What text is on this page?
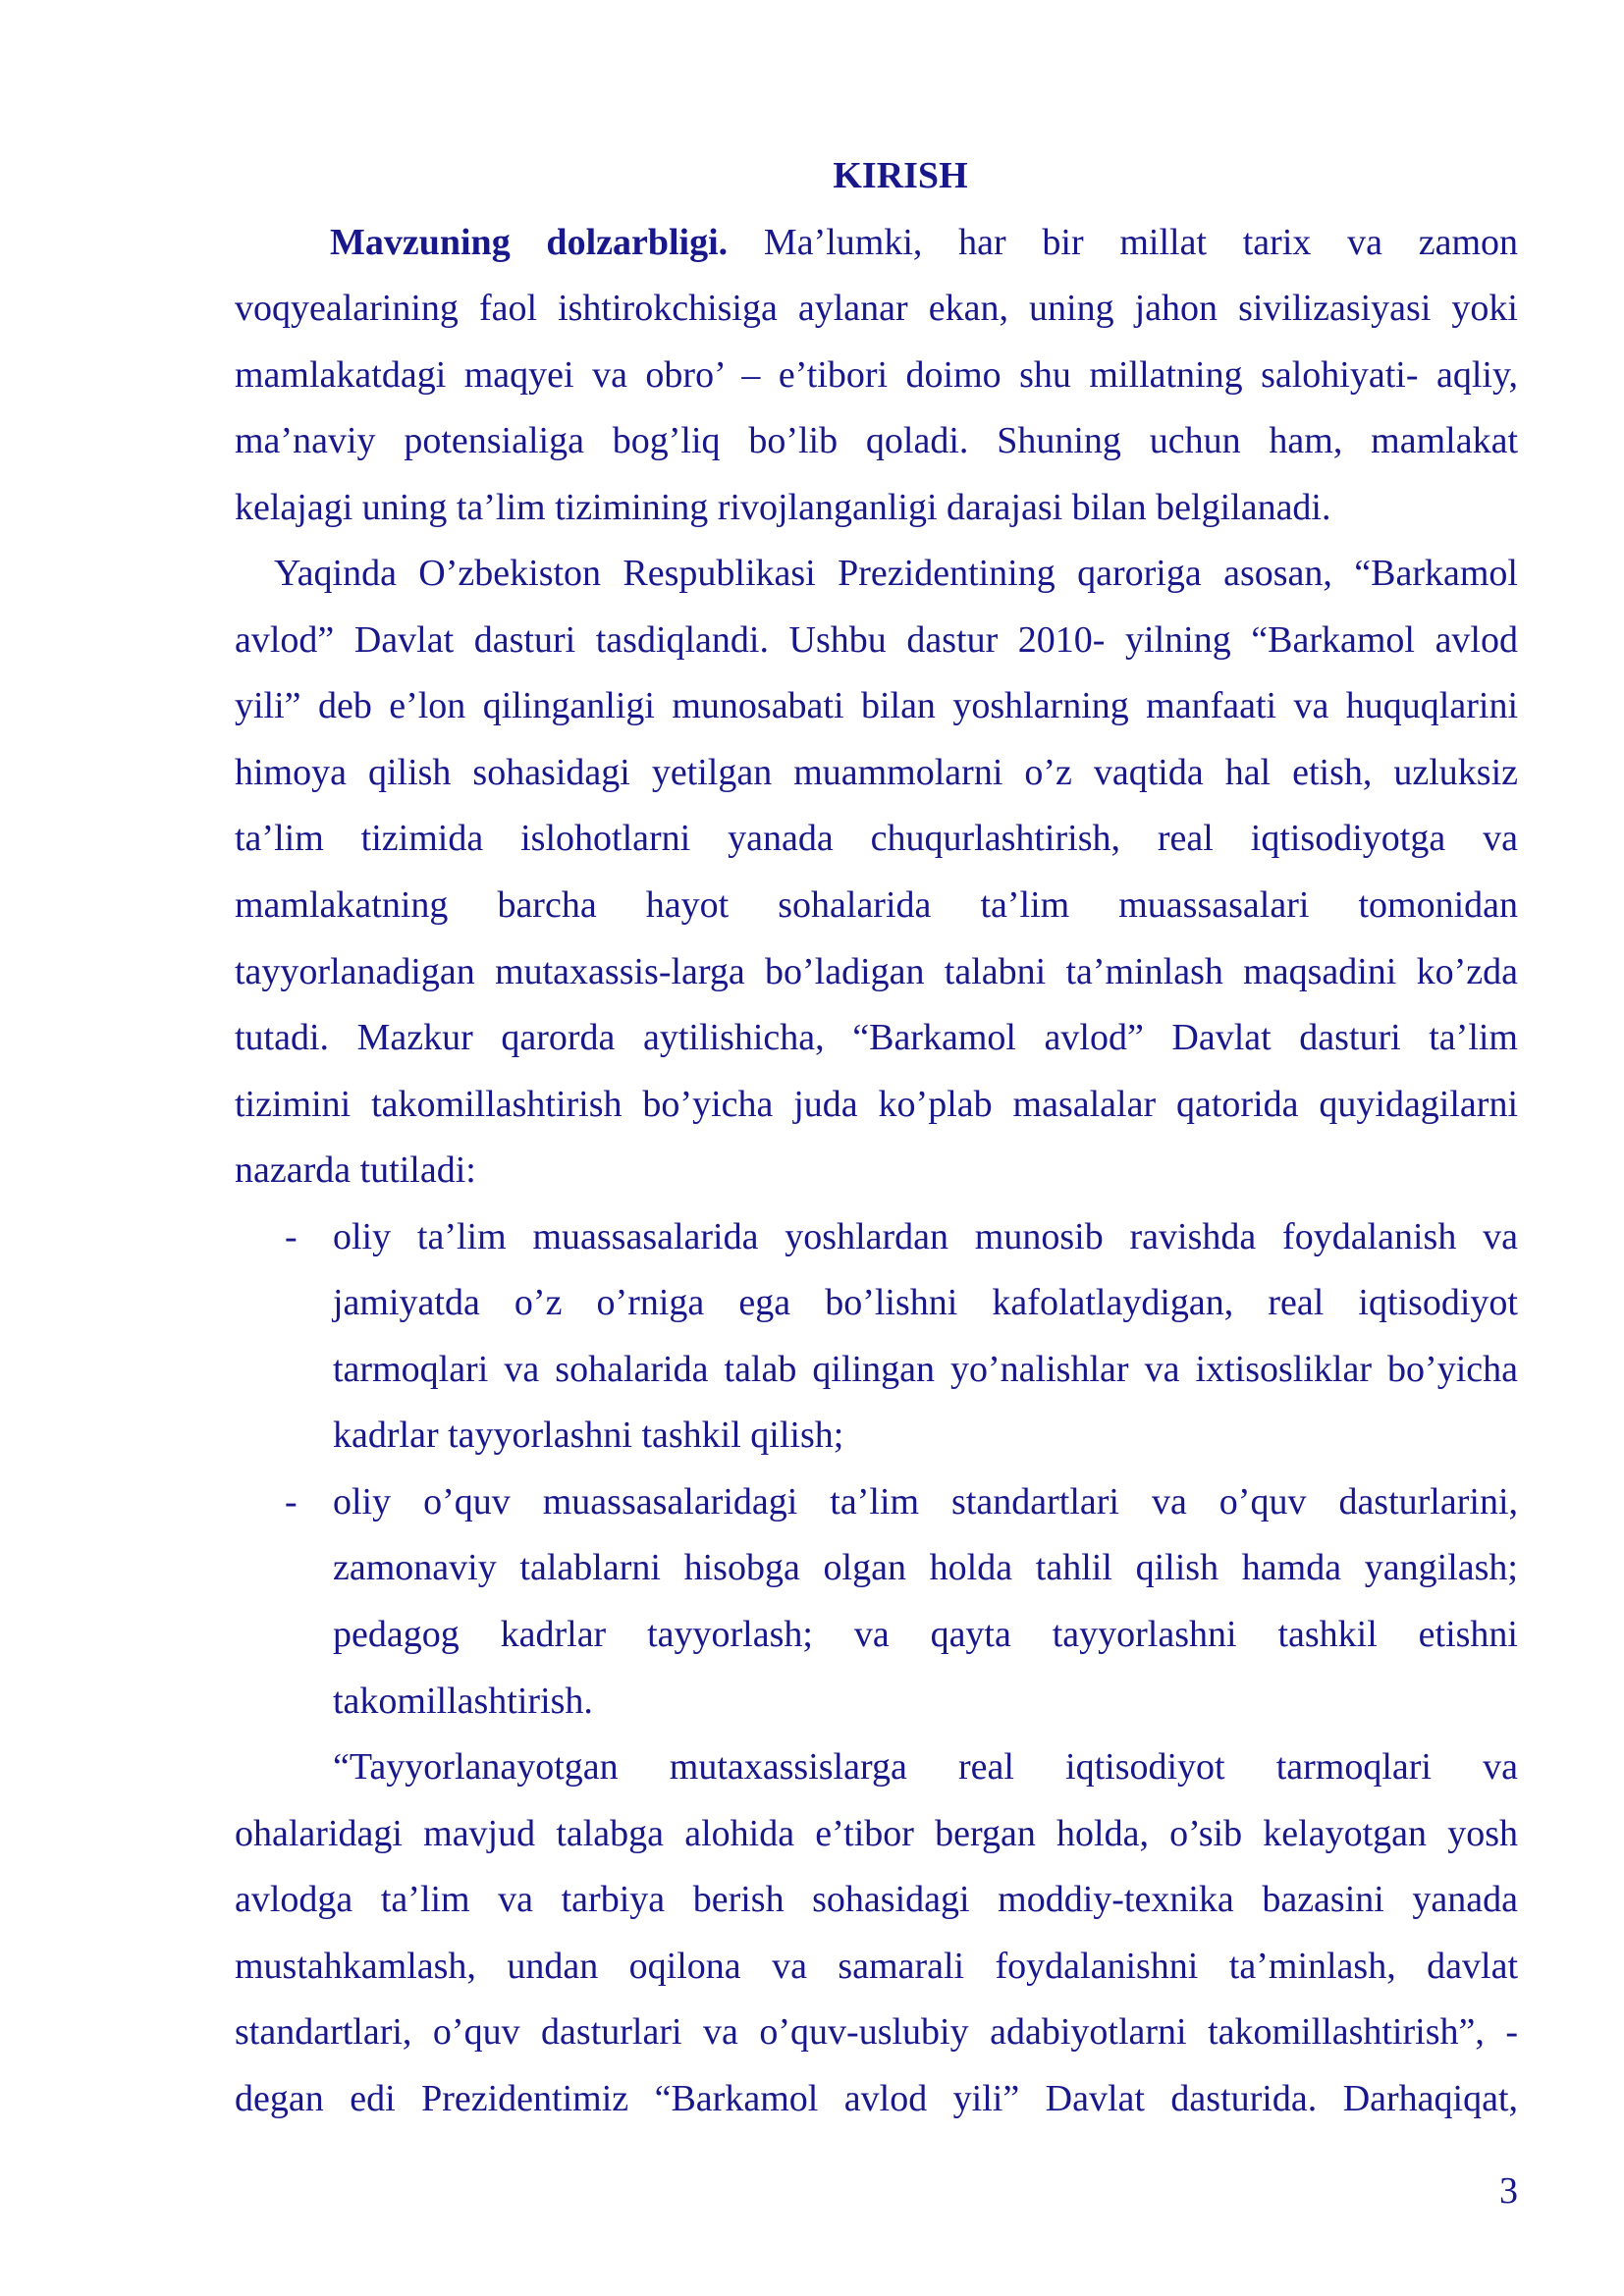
KIRISH
Mavzuning dolzarbligi. Ma’lumki, har bir millat tarix va zamon
voqyealarining faol ishtirokchisiga aylanar ekan, uning jahon sivilizasiyasi yoki
mamlakatdagi maqyei va obro’ – e’tibori doimo shu millatning salohiyati- aqliy,
ma’naviy potensialiga bog’liq bo’lib qoladi. Shuning uchun ham, mamlakat
kelajagi uning ta’lim tizimining rivojlanganligi darajasi bilan belgilanadi.
Yaqinda O’zbekiston Respublikasi Prezidentining qaroriga asosan, “Barkamol
avlod” Davlat dasturi tasdiqlandi. Ushbu dastur 2010- yilning “Barkamol avlod
yili” deb e’lon qilinganligi munosabati bilan yoshlarning manfaati va huquqlarini
himoya qilish sohasidagi yetilgan muammolarni o’z vaqtida hal etish, uzluksiz
ta’lim tizimida islohotlarni yanada chuqurlashtirish, real iqtisodiyotga va
mamlakatning barcha hayot sohalarida ta’lim muassasalari tomonidan
tayyorlanadigan mutaxassis-larga bo’ladigan talabni ta’minlash maqsadini ko’zda
tutadi. Mazkur qarorda aytilishicha, “Barkamol avlod” Davlat dasturi ta’lim
tizimini takomillashtirish bo’yicha juda ko’plab masalalar qatorida quyidagilarni
nazarda tutiladi:
- oliy ta’lim muassasalarida yoshlardan munosib ravishda foydalanish va
jamiyatda o’z o’rniga ega bo’lishni kafolatlaydigan, real iqtisodiyot
tarmoqlari va sohalarida talab qilingan yo’nalishlar va ixtisosliklar bo’yicha
kadrlar tayyorlashni tashkil qilish;
- oliy o’quv muassasalaridagi ta’lim standartlari va o’quv dasturlarini,
zamonaviy talablarni hisobga olgan holda tahlil qilish hamda yangilash;
pedagog kadrlar tayyorlash; va qayta tayyorlashni tashkil etishni
takomillashtirish.
“Tayyorlanayotgan mutaxassislarga real iqtisodiyot tarmoqlari va
ohalaridagi mavjud talabga alohida e’tibor bergan holda, o’sib kelayotgan yosh
avlodga ta’lim va tarbiya berish sohasidagi moddiy-texnika bazasini yanada
mustahkamlash, undan oqilona va samarali foydalanishni ta’minlash, davlat
standartlari, o’quv dasturlari va o’quv-uslubiy adabiyotlarni takomillashtirish”, -
degan edi Prezidentimiz “Barkamol avlod yili” Davlat dasturida. Darhaqiqat,
3
